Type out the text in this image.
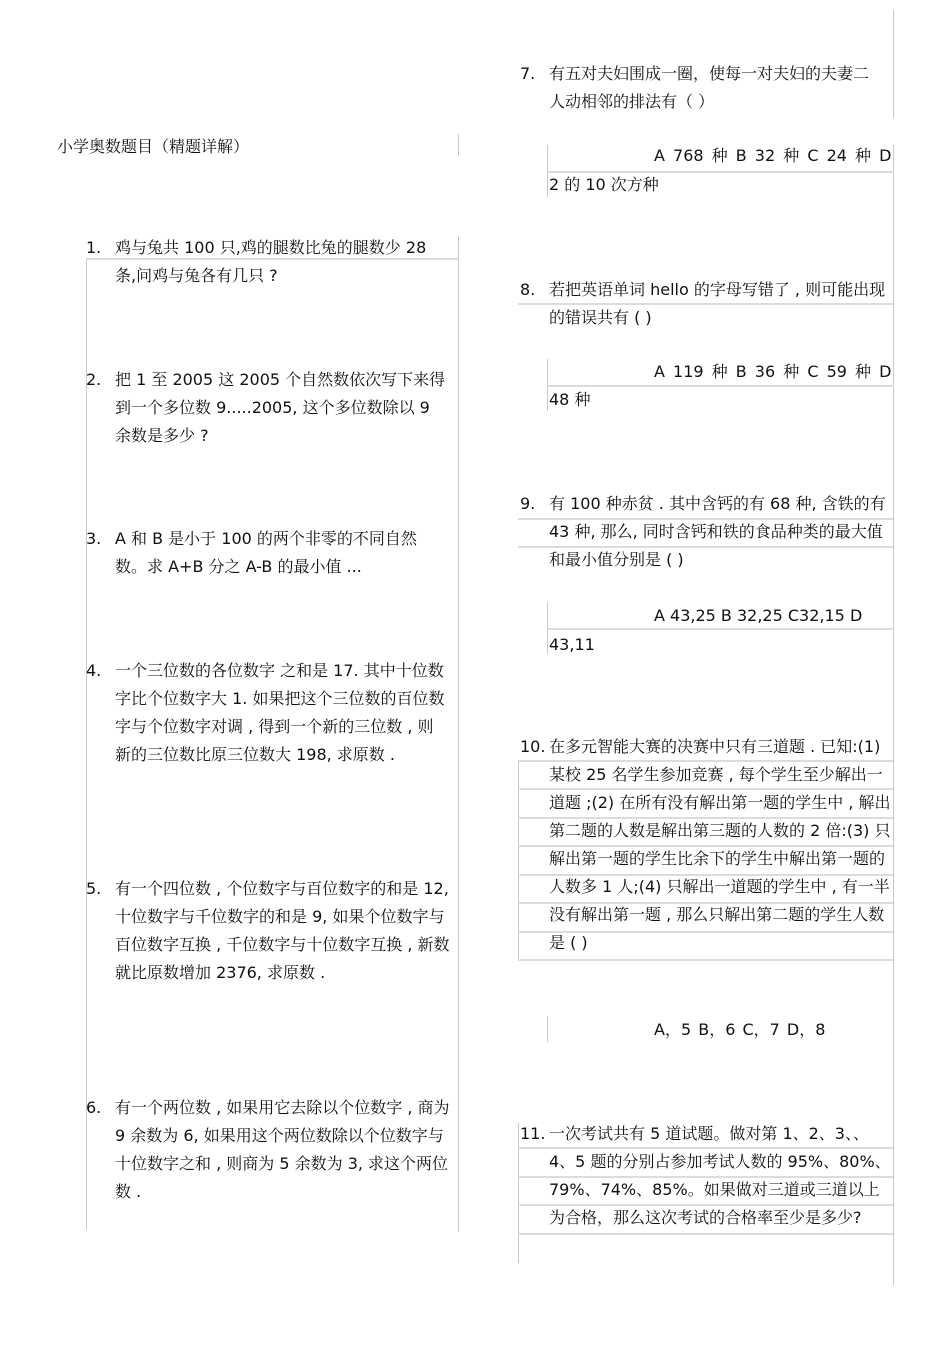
小学奥数题目（精题详解）
1. 鸡与兔共 100 只,鸡的腿数比兔的腿数少 28 条,问鸡与兔各有几只 ?
2. 把 1 至 2005 这 2005 个自然数依次写下来得到一个多位数 9.....2005, 这个多位数除以 9 余数是多少 ?
3. A 和 B 是小于 100 的两个非零的不同自然数。求 A+B 分之 A-B 的最小值 ...
4. 一个三位数的各位数字 之和是 17. 其中十位数字比个位数字大 1. 如果把这个三位数的百位数字与个位数字对调 , 得到一个新的三位数 , 则新的三位数比原三位数大 198, 求原数 .
5. 有一个四位数 , 个位数字与百位数字的和是 12, 十位数字与千位数字的和是 9, 如果个位数字与百位数字互换 , 千位数字与十位数字互换 , 新数就比原数增加 2376, 求原数 .
6. 有一个两位数 , 如果用它去除以个位数字 , 商为 9 余数为 6, 如果用这个两位数除以个位数字与十位数字之和 , 则商为 5 余数为 3, 求这个两位数 .
7. 有五对夫妇围成一圈，使每一对夫妇的夫妻二人动相邻的排法有（ ）
A 768 种 B 32 种 C 24 种 D
2 的 10 次方种
8. 若把英语单词 hello 的字母写错了 , 则可能出现的错误共有 ( )
A 119 种 B 36 种 C 59 种 D
48 种
9. 有 100 种赤贫 . 其中含钙的有 68 种, 含铁的有 43 种, 那么, 同时含钙和铁的食品种类的最大值和最小值分别是 ( )
A 43,25 B 32,25 C32,15 D
43,11
10. 在多元智能大赛的决赛中只有三道题 . 已知:(1) 某校 25 名学生参加竞赛 , 每个学生至少解出一道题 ;(2) 在所有没有解出第一题的学生中 , 解出第二题的人数是解出第三题的人数的 2 倍:(3) 只解出第一题的学生比余下的学生中解出第一题的人数多 1 人;(4) 只解出一道题的学生中 , 有一半没有解出第一题 , 那么只解出第二题的学生人数是 ( )
A，5 B，6 C，7 D，8
11. 一次考试共有 5 道试题。做对第 1、2、3、、4、5 题的分别占参加考试人数的 95%、80%、79%、74%、85%。如果做对三道或三道以上为合格，那么这次考试的合格率至少是多少?
